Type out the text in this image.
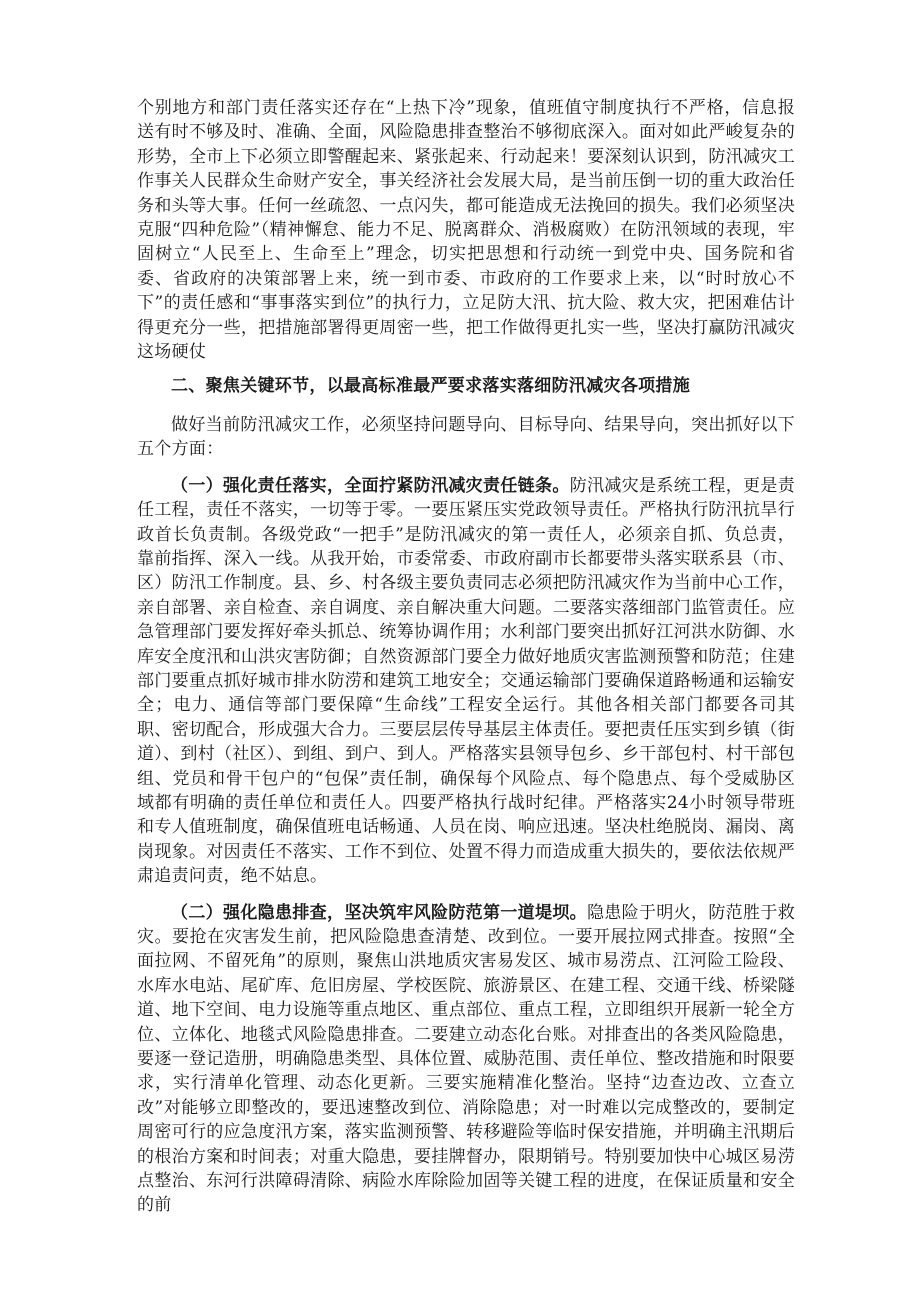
个别地方和部门责任落实还存在“上热下冷”现象，值班值守制度执行不严格，信息报送有时不够及时、准确、全面，风险隐患排查整治不够彻底深入。面对如此严峻复杂的形势，全市上下必须立即警醒起来、紧张起来、行动起来！要深刻认识到，防汛减灾工作事关人民群众生命财产安全，事关经济社会发展大局，是当前压倒一切的重大政治任务和头等大事。任何一丝疏忽、一点闪失，都可能造成无法挽回的损失。我们必须坚决克服“四种危险”（精神懈怠、能力不足、脱离群众、消极腐败）在防汛领域的表现，牢固树立“人民至上、生命至上”理念，切实把思想和行动统一到党中央、国务院和省委、省政府的决策部署上来，统一到市委、市政府的工作要求上来，以“时时放心不下”的责任感和“事事落实到位”的执行力，立足防大汛、抗大险、救大灾，把困难估计得更充分一些，把措施部署得更周密一些，把工作做得更扎实一些，坚决打赢防汛减灾这场硬仗

二、聚焦关键环节，以最高标准最严要求落实落细防汛减灾各项措施

做好当前防汛减灾工作，必须坚持问题导向、目标导向、结果导向，突出抓好以下五个方面：

（一）强化责任落实，全面拧紧防汛减灾责任链条。防汛减灾是系统工程，更是责任工程，责任不落实，一切等于零。一要压紧压实党政领导责任。严格执行防汛抗旱行政首长负责制。各级党政“一把手”是防汛减灾的第一责任人，必须亲自抓、负总责，靠前指挥、深入一线。从我开始，市委常委、市政府副市长都要带头落实联系县（市、区）防汛工作制度。县、乡、村各级主要负责同志必须把防汛减灾作为当前中心工作，亲自部署、亲自检查、亲自调度、亲自解决重大问题。二要落实落细部门监管责任。应急管理部门要发挥好牵头抓总、统筹协调作用；水利部门要突出抓好江河洪水防御、水库安全度汛和山洪灾害防御；自然资源部门要全力做好地质灾害监测预警和防范；住建部门要重点抓好城市排水防涝和建筑工地安全；交通运输部门要确保道路畅通和运输安全；电力、通信等部门要保障“生命线”工程安全运行。其他各相关部门都要各司其职、密切配合，形成强大合力。三要层层传导基层主体责任。要把责任压实到乡镇（街道）、到村（社区）、到组、到户、到人。严格落实县领导包乡、乡干部包村、村干部包组、党员和骨干包户的“包保”责任制，确保每个风险点、每个隐患点、每个受威胁区域都有明确的责任单位和责任人。四要严格执行战时纪律。严格落实24小时领导带班和专人值班制度，确保值班电话畅通、人员在岗、响应迅速。坚决杜绝脱岗、漏岗、离岗现象。对因责任不落实、工作不到位、处置不得力而造成重大损失的，要依法依规严肃追责问责，绝不姑息。

（二）强化隐患排查，坚决筑牢风险防范第一道堤坝。隐患险于明火，防范胜于救灾。要抢在灾害发生前，把风险隐患查清楚、改到位。一要开展拉网式排查。按照“全面拉网、不留死角”的原则，聚焦山洪地质灾害易发区、城市易涝点、江河险工险段、水库水电站、尾矿库、危旧房屋、学校医院、旅游景区、在建工程、交通干线、桥梁隧道、地下空间、电力设施等重点地区、重点部位、重点工程，立即组织开展新一轮全方位、立体化、地毯式风险隐患排查。二要建立动态化台账。对排查出的各类风险隐患，要逐一登记造册，明确隐患类型、具体位置、威胁范围、责任单位、整改措施和时限要求，实行清单化管理、动态化更新。三要实施精准化整治。坚持“边查边改、立查立改”对能够立即整改的，要迅速整改到位、消除隐患；对一时难以完成整改的，要制定周密可行的应急度汛方案，落实监测预警、转移避险等临时保安措施，并明确主汛期后的根治方案和时间表；对重大隐患，要挂牌督办，限期销号。特别要加快中心城区易涝点整治、东河行洪障碍清除、病险水库除险加固等关键工程的进度，在保证质量和安全的前
